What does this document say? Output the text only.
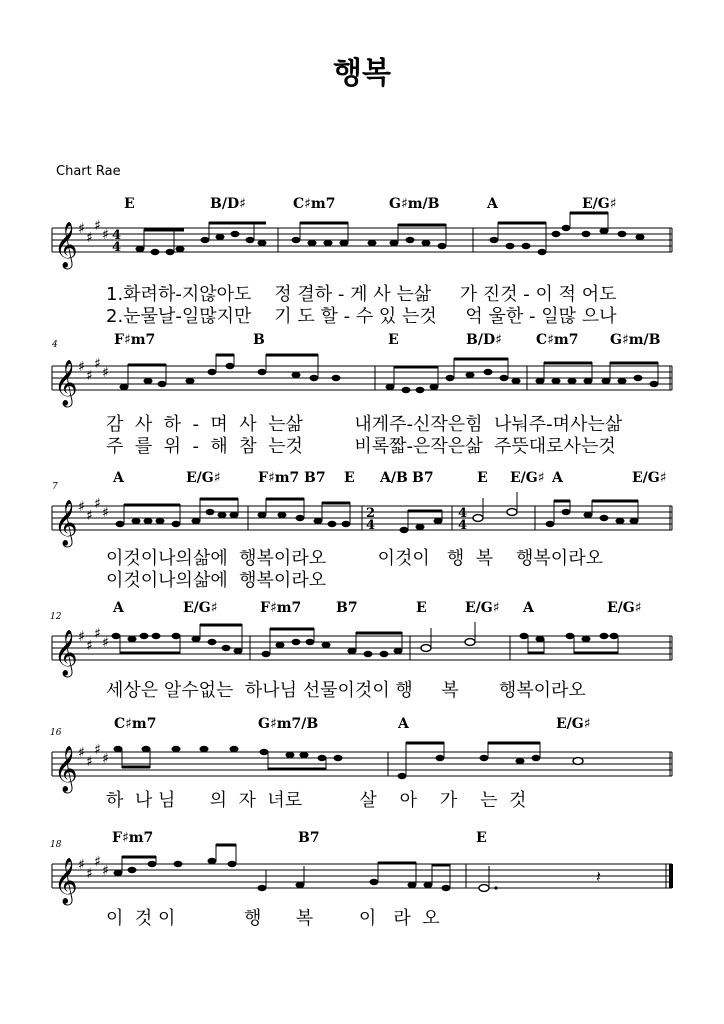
행복
Chart Rae
E	B/D♯	C♯m7	G♯m/B	A	E/G♯
𝄞 ♯
♯
♯
♯ 4
4
1.화려하-지않아도    정 결하 - 게 사 는삶     가 진것 - 이 적 어도
2.눈물날-일많지만    기 도 할 - 수 있 는것     억 울한 - 일많 으나
4	F♯m7	B	E	B/D♯ C♯m7 G♯m/B
𝄞 ♯
♯
♯
♯
감  사  하  -  며  사  는삶         내게주-신작은힘  나눠주-며사는삶
주  를  위  -  해  참  는것         비록짧-은작은삶  주뜻대로사는것
7
A	E/G♯	F♯m7 B7 E A/B B7	E E/G♯ A	E/G♯
𝄞 ♯
♯
♯
♯	2
4
4
4
이것이나의삶에  행복이라오         이것이   행  복    행복이라오
이것이나의삶에  행복이라오
12
A	E/G♯	F♯m7 B7	E	E/G♯ A	E/G♯
𝄞 ♯
♯
♯
♯
세상은 알수없는  하나님 선물이것이 행     복       행복이라오
16
C♯m7	G♯m7/B	A	E/G♯
𝄞 ♯
♯
♯
♯
하  나 님      의  자  녀로          살    아    가    는  것
18	F♯m7	B7	E
𝄞 ♯
♯
♯
♯	𝄽
이  것 이            행      복        이   라  오
